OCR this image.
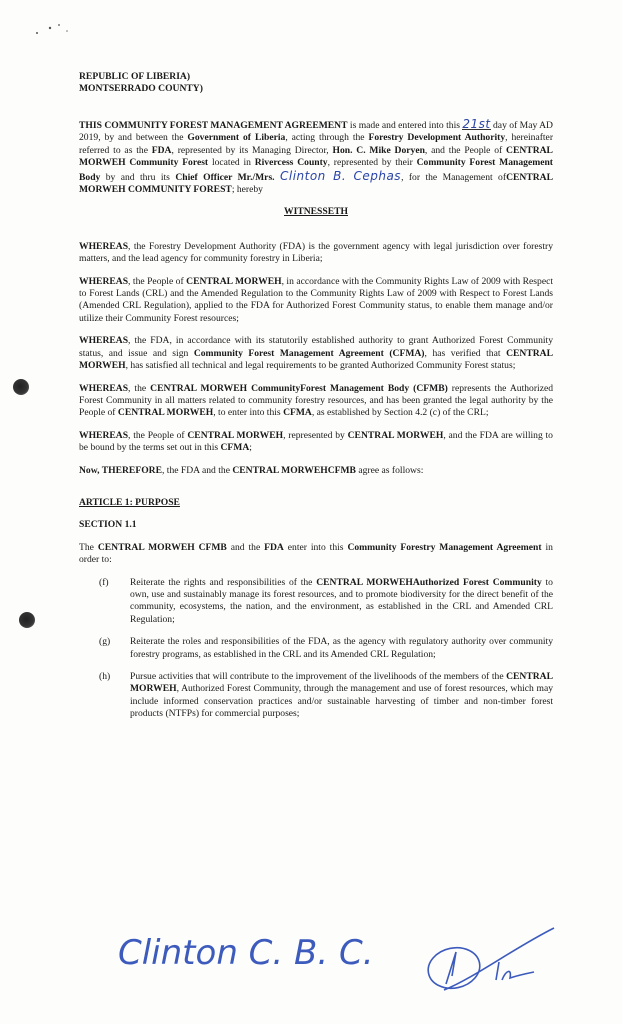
REPUBLIC OF LIBERIA)
MONTSERRADO COUNTY)

THIS COMMUNITY FOREST MANAGEMENT AGREEMENT is made and entered into this 21st day of May AD 2019, by and between the Government of Liberia, acting through the Forestry Development Authority, hereinafter referred to as the FDA, represented by its Managing Director, Hon. C. Mike Doryen, and the People of CENTRAL MORWEH Community Forest located in Rivercess County, represented by their Community Forest Management Body by and thru its Chief Officer Mr./Mrs. Clinton B. Cephas, for the Management ofCENTRAL MORWEH COMMUNITY FOREST; hereby

WITNESSETH

WHEREAS, the Forestry Development Authority (FDA) is the government agency with legal jurisdiction over forestry matters, and the lead agency for community forestry in Liberia;

WHEREAS, the People of CENTRAL MORWEH, in accordance with the Community Rights Law of 2009 with Respect to Forest Lands (CRL) and the Amended Regulation to the Community Rights Law of 2009 with Respect to Forest Lands (Amended CRL Regulation), applied to the FDA for Authorized Forest Community status, to enable them manage and/or utilize their Community Forest resources;

WHEREAS, the FDA, in accordance with its statutorily established authority to grant Authorized Forest Community status, and issue and sign Community Forest Management Agreement (CFMA), has verified that CENTRAL MORWEH, has satisfied all technical and legal requirements to be granted Authorized Community Forest status;

WHEREAS, the CENTRAL MORWEH CommunityForest Management Body (CFMB) represents the Authorized Forest Community in all matters related to community forestry resources, and has been granted the legal authority by the People of CENTRAL MORWEH, to enter into this CFMA, as established by Section 4.2 (c) of the CRL;

WHEREAS, the People of CENTRAL MORWEH, represented by CENTRAL MORWEH, and the FDA are willing to be bound by the terms set out in this CFMA;

Now, THEREFORE, the FDA and the CENTRAL MORWEHCFMB agree as follows:

ARTICLE 1: PURPOSE

SECTION 1.1

The CENTRAL MORWEH CFMB and the FDA enter into this Community Forestry Management Agreement in order to:

(f) Reiterate the rights and responsibilities of the CENTRAL MORWEHAuthorized Forest Community to own, use and sustainably manage its forest resources, and to promote biodiversity for the direct benefit of the community, ecosystems, the nation, and the environment, as established in the CRL and Amended CRL Regulation;

(g) Reiterate the roles and responsibilities of the FDA, as the agency with regulatory authority over community forestry programs, as established in the CRL and its Amended CRL Regulation;

(h) Pursue activities that will contribute to the improvement of the livelihoods of the members of the CENTRAL MORWEH, Authorized Forest Community, through the management and use of forest resources, which may include informed conservation practices and/or sustainable harvesting of timber and non-timber forest products (NTFPs) for commercial purposes;

Clinton C. B. C.
